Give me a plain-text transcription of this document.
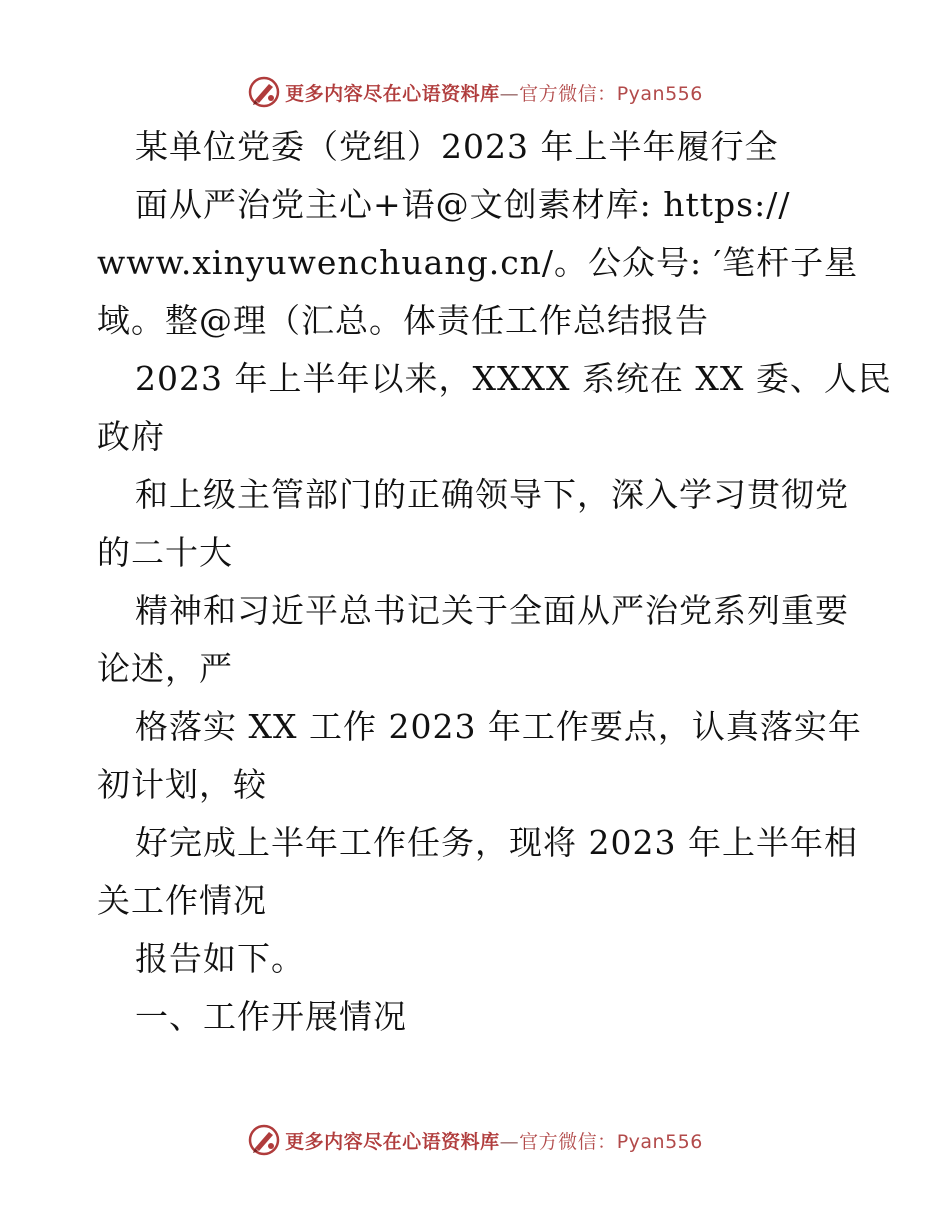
更多内容尽在心语资料库—官方微信：Pyan556
某单位党委（党组）2023 年上半年履行全
面从严治党主心+语@文创素材库: https://
www.xinyuwenchuang.cn/。公众号: ′笔杆子星
域。整@理（汇总。体责任工作总结报告
2023 年上半年以来，XXXX 系统在 XX 委、人民
政府
和上级主管部门的正确领导下，深入学习贯彻党
的二十大
精神和习近平总书记关于全面从严治党系列重要
论述，严
格落实 XX 工作 2023 年工作要点，认真落实年
初计划，较
好完成上半年工作任务，现将 2023 年上半年相
关工作情况
报告如下。
一、工作开展情况
更多内容尽在心语资料库—官方微信：Pyan556
